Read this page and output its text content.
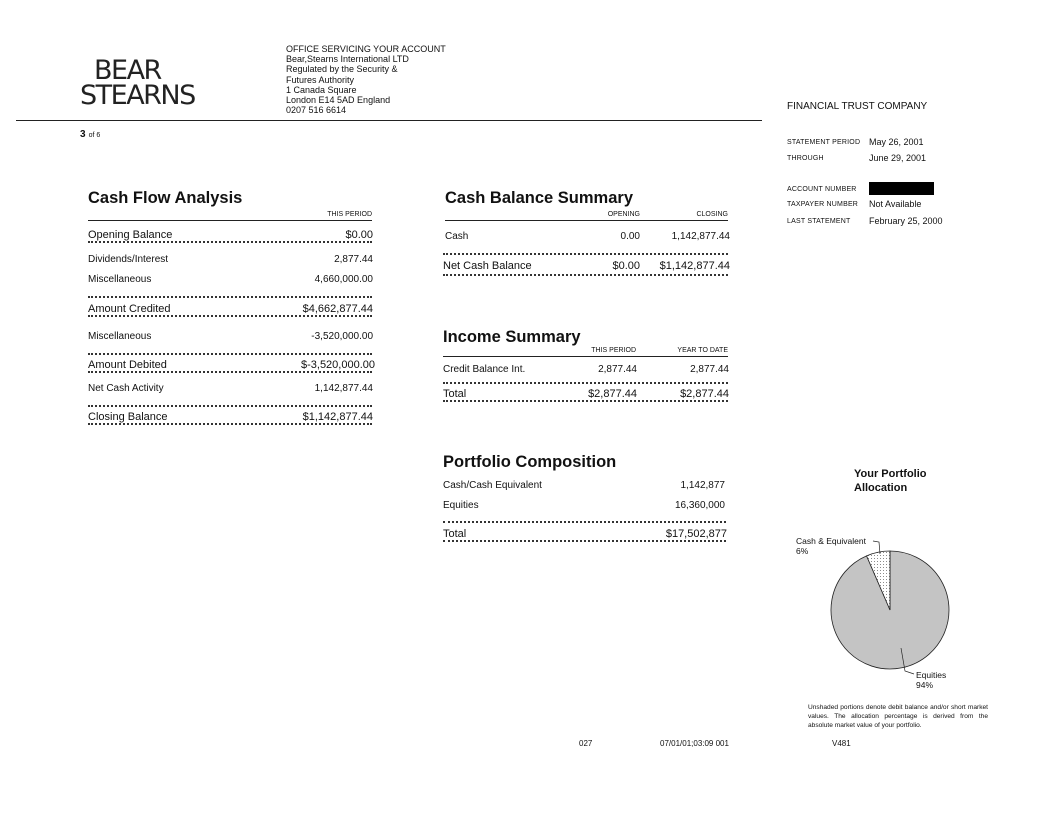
BEAR
STEARNS
OFFICE SERVICING YOUR ACCOUNT
Bear,Stearns International LTD
Regulated by the Security &
Futures Authority
1 Canada Square
London E14 5AD England
0207 516 6614	FINANCIAL TRUST COMPANY
3 of 6
STATEMENT PERIOD May 26, 2001
THROUGH	June 29, 2001
ACCOUNT NUMBER
TAXPAYER NUMBER Not Available
LAST STATEMENT February 25, 2000
Cash Flow Analysis
THIS PERIOD
Opening Balance	$0.00
Dividends/Interest	2,877.44
Miscellaneous	4,660,000.00
Amount Credited	$4,662,877.44
Miscellaneous	-3,520,000.00
Amount Debited	$-3,520,000.00
Net Cash Activity	1,142,877.44
Closing Balance	$1,142,877.44
Cash Balance Summary
OPENING	CLOSING
Cash	0.00	1,142,877.44
Net Cash Balance	$0.00	$1,142,877.44
Income Summary
THIS PERIOD	YEAR TO DATE
Credit Balance Int.	2,877.44	2,877.44
Total	$2,877.44	$2,877.44
Portfolio Composition
Cash/Cash Equivalent	1,142,877
Equities	16,360,000
Total	$17,502,877
Your Portfolio
Allocation
Cash & Equivalent
6%
Equities
94%
Unshaded portions denote debit balance and/or short market values. The allocation percentage is derived from the absolute market value of your portfolio.
027	07/01/01;03:09 001	V481
